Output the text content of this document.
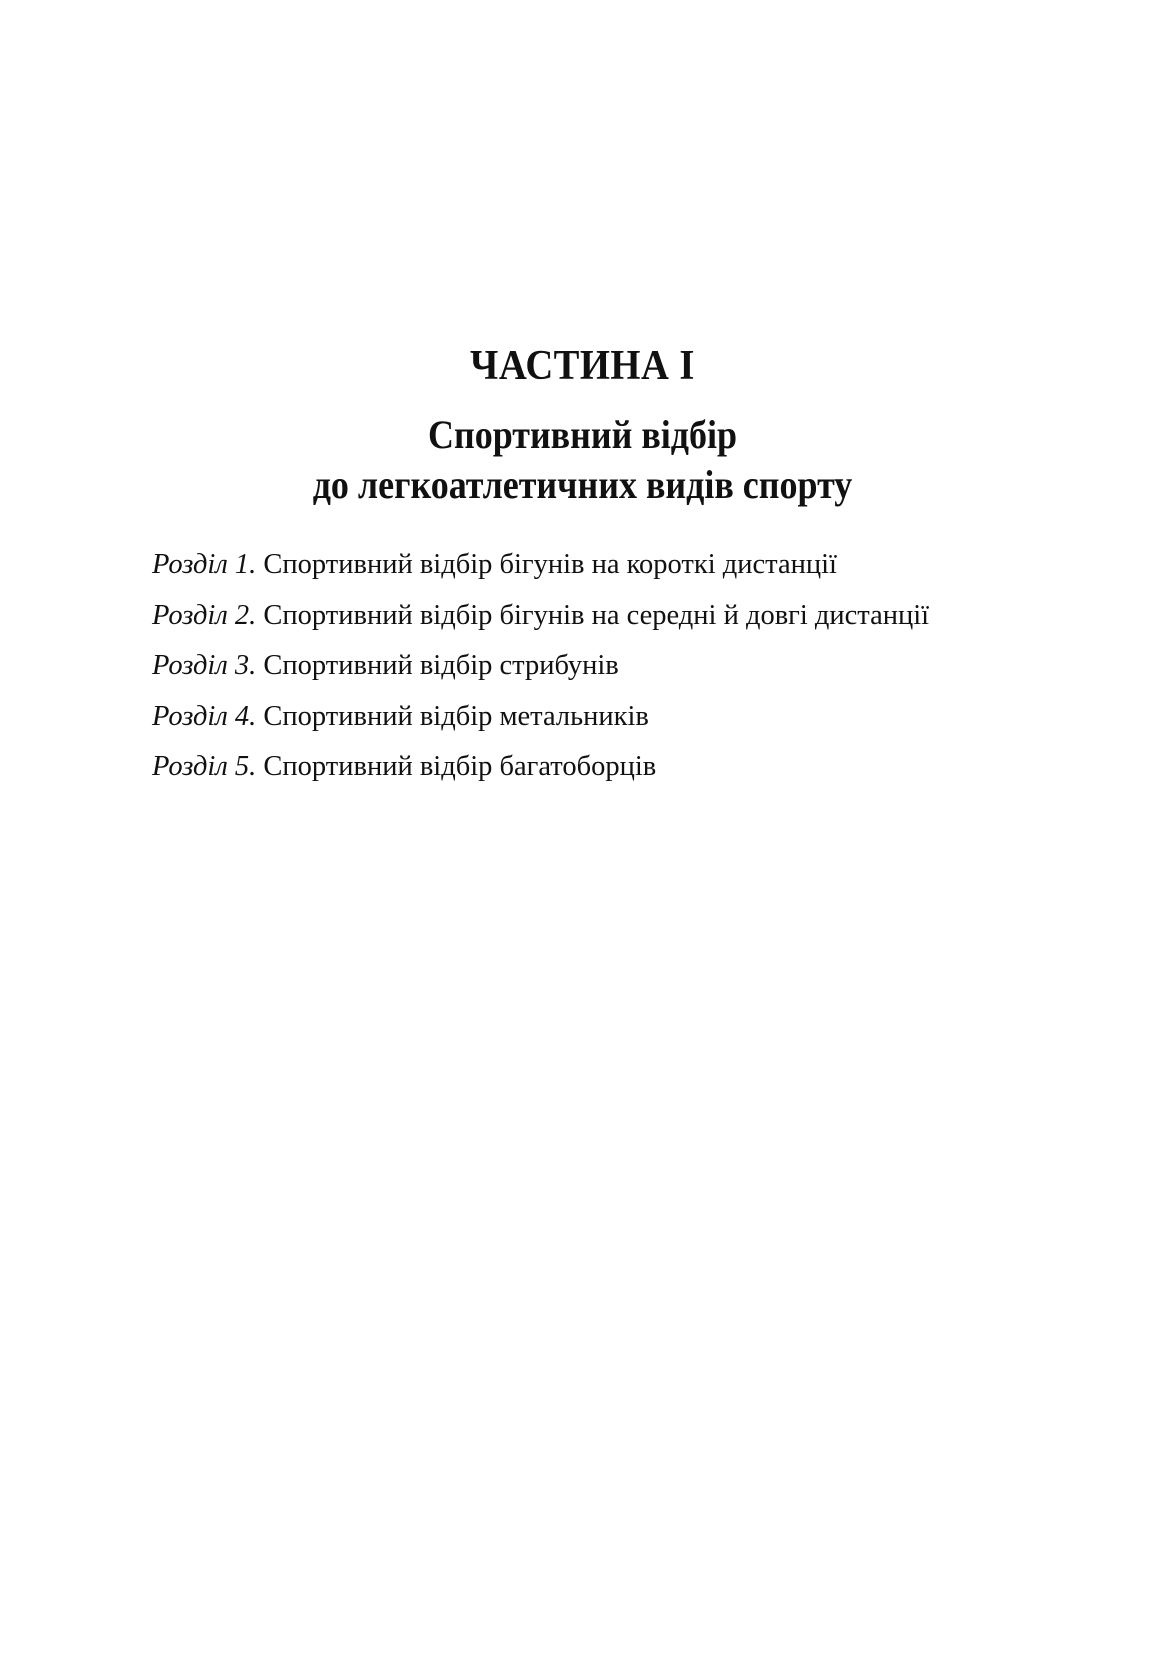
ЧАСТИНА I
Спортивний відбір
до легкоатлетичних видів спорту
Розділ 1. Спортивний відбір бігунів на короткі дистанції
Розділ 2. Спортивний відбір бігунів на середні й довгі дистанції
Розділ 3. Спортивний відбір стрибунів
Розділ 4. Спортивний відбір метальників
Розділ 5. Спортивний відбір багатоборців
